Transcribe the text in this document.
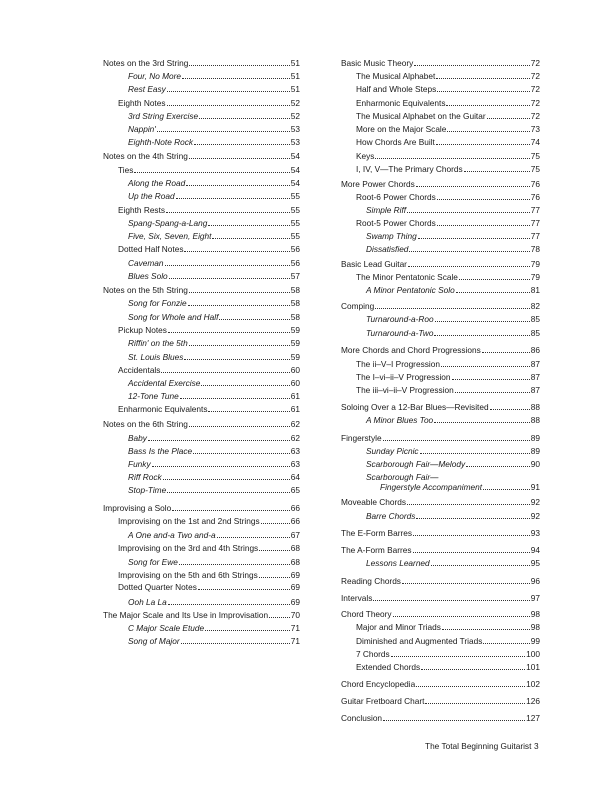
Notes on the 3rd String	51
Four, No More	51
Rest Easy	51
Eighth Notes	52
3rd String Exercise	52
Nappin'	53
Eighth-Note Rock	53
Notes on the 4th String	54
Ties	54
Along the Road	54
Up the Road	55
Eighth Rests	55
Spang-Spang-a-Lang	55
Five, Six, Seven, Eight	55
Dotted Half Notes	56
Caveman	56
Blues Solo	57
Notes on the 5th String	58
Song for Fonzie	58
Song for Whole and Half	58
Pickup Notes	59
Riffin' on the 5th	59
St. Louis Blues	59
Accidentals	60
Accidental Exercise	60
12-Tone Tune	61
Enharmonic Equivalents	61
Notes on the 6th String	62
Baby	62
Bass Is the Place	63
Funky	63
Riff Rock	64
Stop-Time	65
Improvising a Solo	66
Improvising on the 1st and 2nd Strings	66
A One and-a Two and-a	67
Improvising on the 3rd and 4th Strings	68
Song for Ewe	68
Improvising on the 5th and 6th Strings	69
Dotted Quarter Notes	69
Ooh La La	69
The Major Scale and Its Use in Improvisation	70
C Major Scale Etude	71
Song of Major	71
Basic Music Theory	72
The Musical Alphabet	72
Half and Whole Steps	72
Enharmonic Equivalents	72
The Musical Alphabet on the Guitar	72
More on the Major Scale	73
How Chords Are Built	74
Keys	75
I, IV, V—The Primary Chords	75
More Power Chords	76
Root-6 Power Chords	76
Simple Riff	77
Root-5 Power Chords	77
Swamp Thing	77
Dissatisfied	78
Basic Lead Guitar	79
The Minor Pentatonic Scale	79
A Minor Pentatonic Solo	81
Comping	82
Turnaround-a-Roo	85
Turnaround-a-Two	85
More Chords and Chord Progressions	86
The ii–V–I Progression	87
The I–vi–ii–V Progression	87
The iii–vi–ii–V Progression	87
Soloing Over a 12-Bar Blues—Revisited	88
A Minor Blues Too	88
Fingerstyle	89
Sunday Picnic	89
Scarborough Fair—Melody	90
Scarborough Fair—
Fingerstyle Accompaniment	91
Moveable Chords	92
Barre Chords	92
The E-Form Barres	93
The A-Form Barres	94
Lessons Learned	95
Reading Chords	96
Intervals	97
Chord Theory	98
Major and Minor Triads	98
Diminished and Augmented Triads	99
7 Chords	100
Extended Chords	101
Chord Encyclopedia	102
Guitar Fretboard Chart	126
Conclusion	127
The Total Beginning Guitarist 3
